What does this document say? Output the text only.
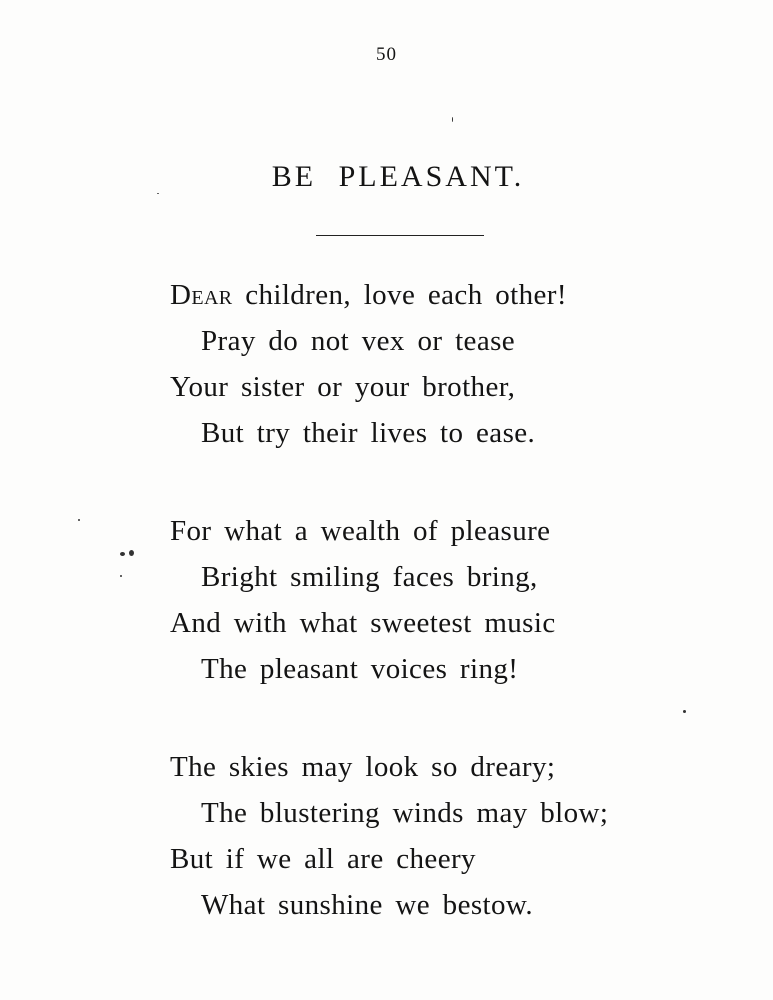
50
BE PLEASANT.
Dear children, love each other!
Pray do not vex or tease
Your sister or your brother,
But try their lives to ease.
For what a wealth of pleasure
Bright smiling faces bring,
And with what sweetest music
The pleasant voices ring!
The skies may look so dreary;
The blustering winds may blow;
But if we all are cheery
What sunshine we bestow.
